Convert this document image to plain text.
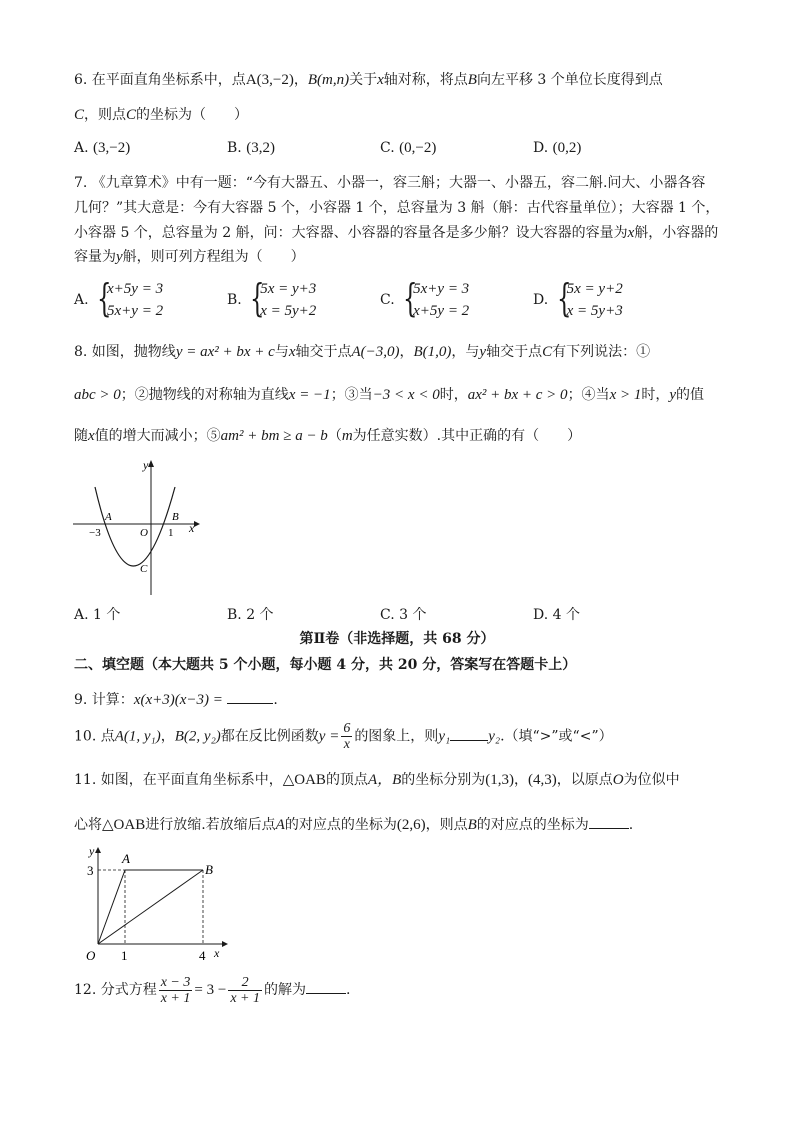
6. 在平面直角坐标系中，点A(3,−2)，B(m,n)关于x轴对称，将点B向左平移 3 个单位长度得到点
C，则点C的坐标为（　　）
A. (3,−2)	B. (3,2)	C. (0,−2)	D. (0,2)
7. 《九章算术》中有一题：“今有大器五、小器一，容三斛；大器一、小器五，容二斛.问大、小器各容
几何？”其大意是：今有大容器 5 个，小容器 1 个，总容量为 3 斛（斛：古代容量单位）；大容器 1 个，
小容器 5 个，总容量为 2 斛，问：大容器、小容器的容量各是多少斛？设大容器的容量为x斛，小容器的
容量为y斛，则可列方程组为（　　）
A. {
x+5y = 3
5x+y = 2
B. {
5x = y+3
x = 5y+2
C. {
5x+y = 3
x+5y = 2
D. {
5x = y+2
x = 5y+3
8. 如图，抛物线y = ax² + bx + c与x轴交于点A(−3,0)，B(1,0)，与y轴交于点C有下列说法：①
abc > 0；②抛物线的对称轴为直线x = −1；③当−3 < x < 0时，ax² + bx + c > 0；④当x > 1时，y的值
随x值的增大而减小；⑤am² + bm ≥ a − b（m为任意实数）.其中正确的有（　　）
y
x
A	B
O
C
−3	1
A. 1 个	B. 2 个	C. 3 个	D. 4 个
第Ⅱ卷（非选择题，共 68 分）
二、填空题（本大题共 5 个小题，每小题 4 分，共 20 分，答案写在答题卡上）
9. 计算：x(x+3)(x−3) =	.
10. 点A(1, y₁)，B(2, y₂)都在反比例函数$y = \frac{6}{x}$ 的图象上，则y₁	y₂.（填“>”或“<”）
11. 如图，在平面直角坐标系中，△OAB的顶点A，B的坐标分别为(1,3)，(4,3)，以原点O为位似中
心将△OAB进行放缩.若放缩后点A的对应点的坐标为(2,6)，则点B的对应点的坐标为	.
y
x
A
B
O
3
1	4
12. 分式方程 $\frac{x - 3}{x + 1} = 3 - \frac{2}{x + 1}$ 的解为	.
